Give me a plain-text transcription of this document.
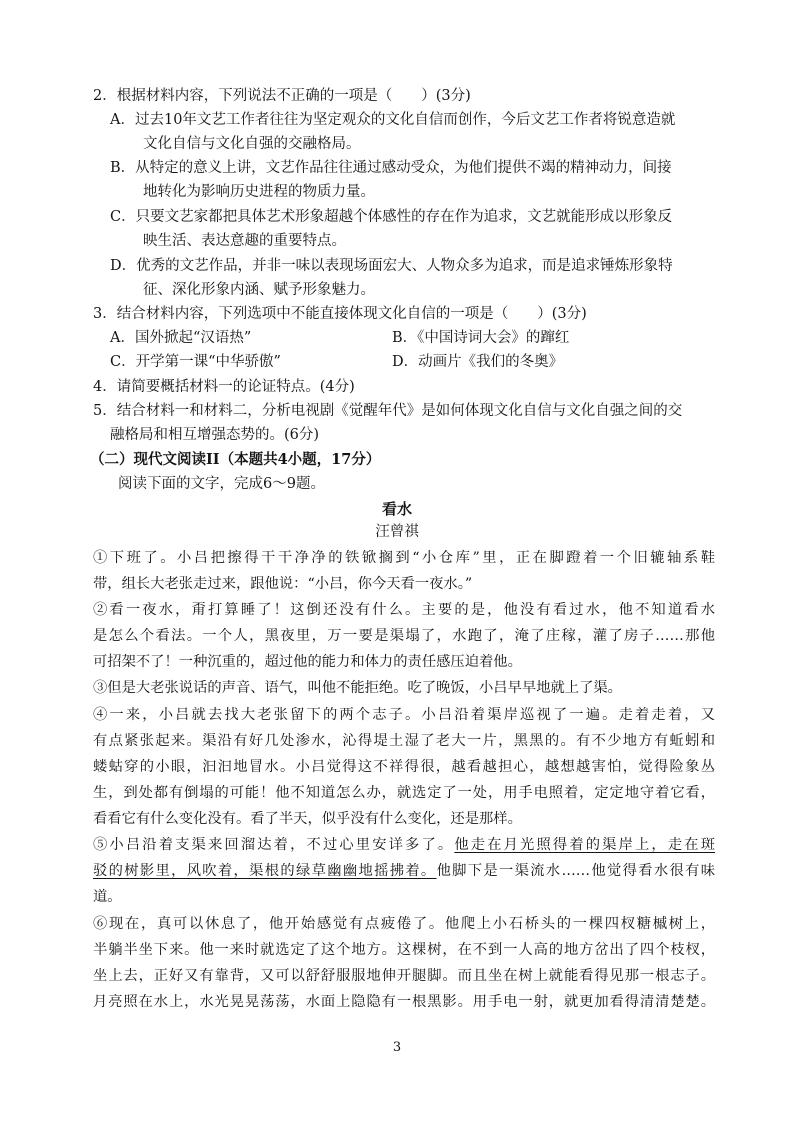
2．根据材料内容，下列说法不正确的一项是（　　）(3分)
A．过去10年文艺工作者往往为坚定观众的文化自信而创作，今后文艺工作者将锐意造就
文化自信与文化自强的交融格局。
B．从特定的意义上讲，文艺作品往往通过感动受众，为他们提供不竭的精神动力，间接
地转化为影响历史进程的物质力量。
C．只要文艺家都把具体艺术形象超越个体感性的存在作为追求，文艺就能形成以形象反
映生活、表达意趣的重要特点。
D．优秀的文艺作品，并非一味以表现场面宏大、人物众多为追求，而是追求锤炼形象特
征、深化形象内涵、赋予形象魅力。
3．结合材料内容，下列选项中不能直接体现文化自信的一项是（　　）(3分)
A．国外掀起“汉语热”	B．《中国诗词大会》的蹿红
C．开学第一课“中华骄傲”	D．动画片《我们的冬奥》
4．请简要概括材料一的论证特点。(4分)
5．结合材料一和材料二，分析电视剧《觉醒年代》是如何体现文化自信与文化自强之间的交
融格局和相互增强态势的。(6分)
（二）现代文阅读II（本题共4小题，17分）
阅读下面的文字，完成6～9题。
看水
汪曾祺
①下班了。小吕把擦得干干净净的铁锨搁到“小仓库”里，正在脚蹬着一个旧辘轴系鞋
带，组长大老张走过来，跟他说：“小吕，你今天看一夜水。”
②看一夜水，甭打算睡了！这倒还没有什么。主要的是，他没有看过水，他不知道看水
是怎么个看法。一个人，黑夜里，万一要是渠塌了，水跑了，淹了庄稼，灌了房子……那他
可招架不了！一种沉重的，超过他的能力和体力的责任感压迫着他。
③但是大老张说话的声音、语气，叫他不能拒绝。吃了晚饭，小吕早早地就上了渠。
④一来，小吕就去找大老张留下的两个志子。小吕沿着渠岸巡视了一遍。走着走着，又
有点紧张起来。渠沿有好几处渗水，沁得堤土湿了老大一片，黑黑的。有不少地方有蚯蚓和
蝼蛄穿的小眼，汩汩地冒水。小吕觉得这不祥得很，越看越担心，越想越害怕，觉得险象丛
生，到处都有倒塌的可能！他不知道怎么办，就选定了一处，用手电照着，定定地守着它看，
看看它有什么变化没有。看了半天，似乎没有什么变化，还是那样。
⑤小吕沿着支渠来回溜达着，不过心里安详多了。他走在月光照得着的渠岸上，走在斑
驳的树影里，风吹着，渠根的绿草幽幽地摇拂着。他脚下是一渠流水……他觉得看水很有味
道。
⑥现在，真可以休息了，他开始感觉有点疲倦了。他爬上小石桥头的一棵四杈糖槭树上，
半躺半坐下来。他一来时就选定了这个地方。这棵树，在不到一人高的地方岔出了四个枝杈，
坐上去，正好又有靠背，又可以舒舒服服地伸开腿脚。而且坐在树上就能看得见那一根志子。
月亮照在水上，水光晃晃荡荡，水面上隐隐有一根黑影。用手电一射，就更加看得清清楚楚。
3
